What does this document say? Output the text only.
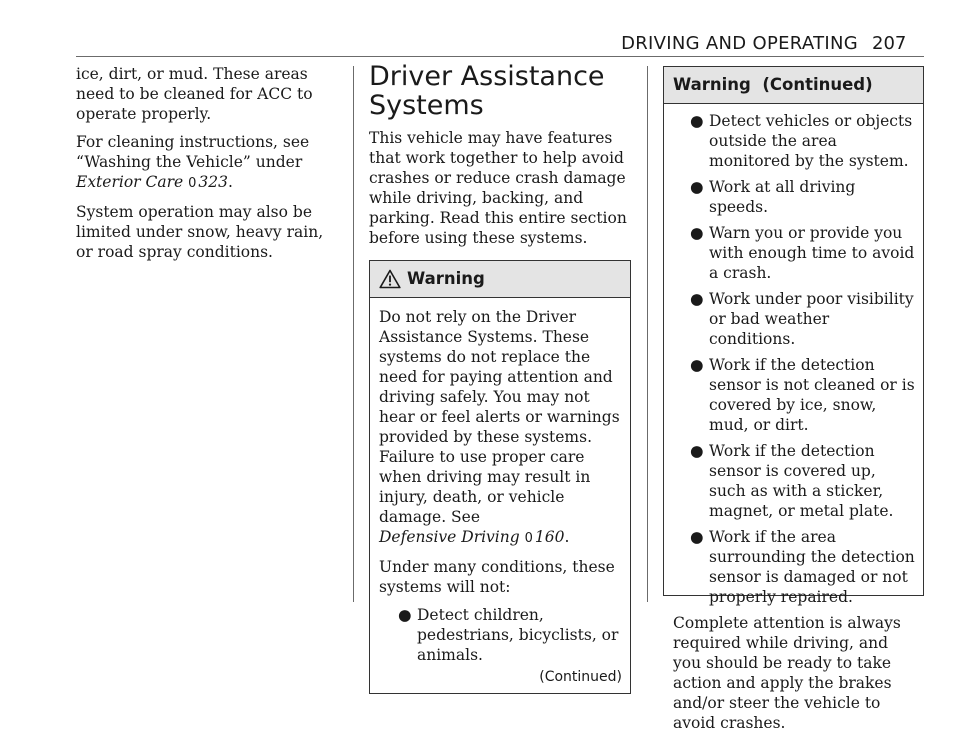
DRIVING AND OPERATING 207

ice, dirt, or mud. These areas need to be cleaned for ACC to operate properly.

For cleaning instructions, see “Washing the Vehicle” under Exterior Care 0 323.

System operation may also be limited under snow, heavy rain, or road spray conditions.

Driver Assistance Systems

This vehicle may have features that work together to help avoid crashes or reduce crash damage while driving, backing, and parking. Read this entire section before using these systems.

Warning

Do not rely on the Driver Assistance Systems. These systems do not replace the need for paying attention and driving safely. You may not hear or feel alerts or warnings provided by these systems. Failure to use proper care when driving may result in injury, death, or vehicle damage. See Defensive Driving 0 160.

Under many conditions, these systems will not:

● Detect children, pedestrians, bicyclists, or animals.
(Continued)
Warning  (Continued)
● Detect vehicles or objects outside the area monitored by the system.
● Work at all driving speeds.
● Warn you or provide you with enough time to avoid a crash.
● Work under poor visibility or bad weather conditions.
● Work if the detection sensor is not cleaned or is covered by ice, snow, mud, or dirt.
● Work if the detection sensor is covered up, such as with a sticker, magnet, or metal plate.
● Work if the area surrounding the detection sensor is damaged or not properly repaired.

Complete attention is always required while driving, and you should be ready to take action and apply the brakes and/or steer the vehicle to avoid crashes.
